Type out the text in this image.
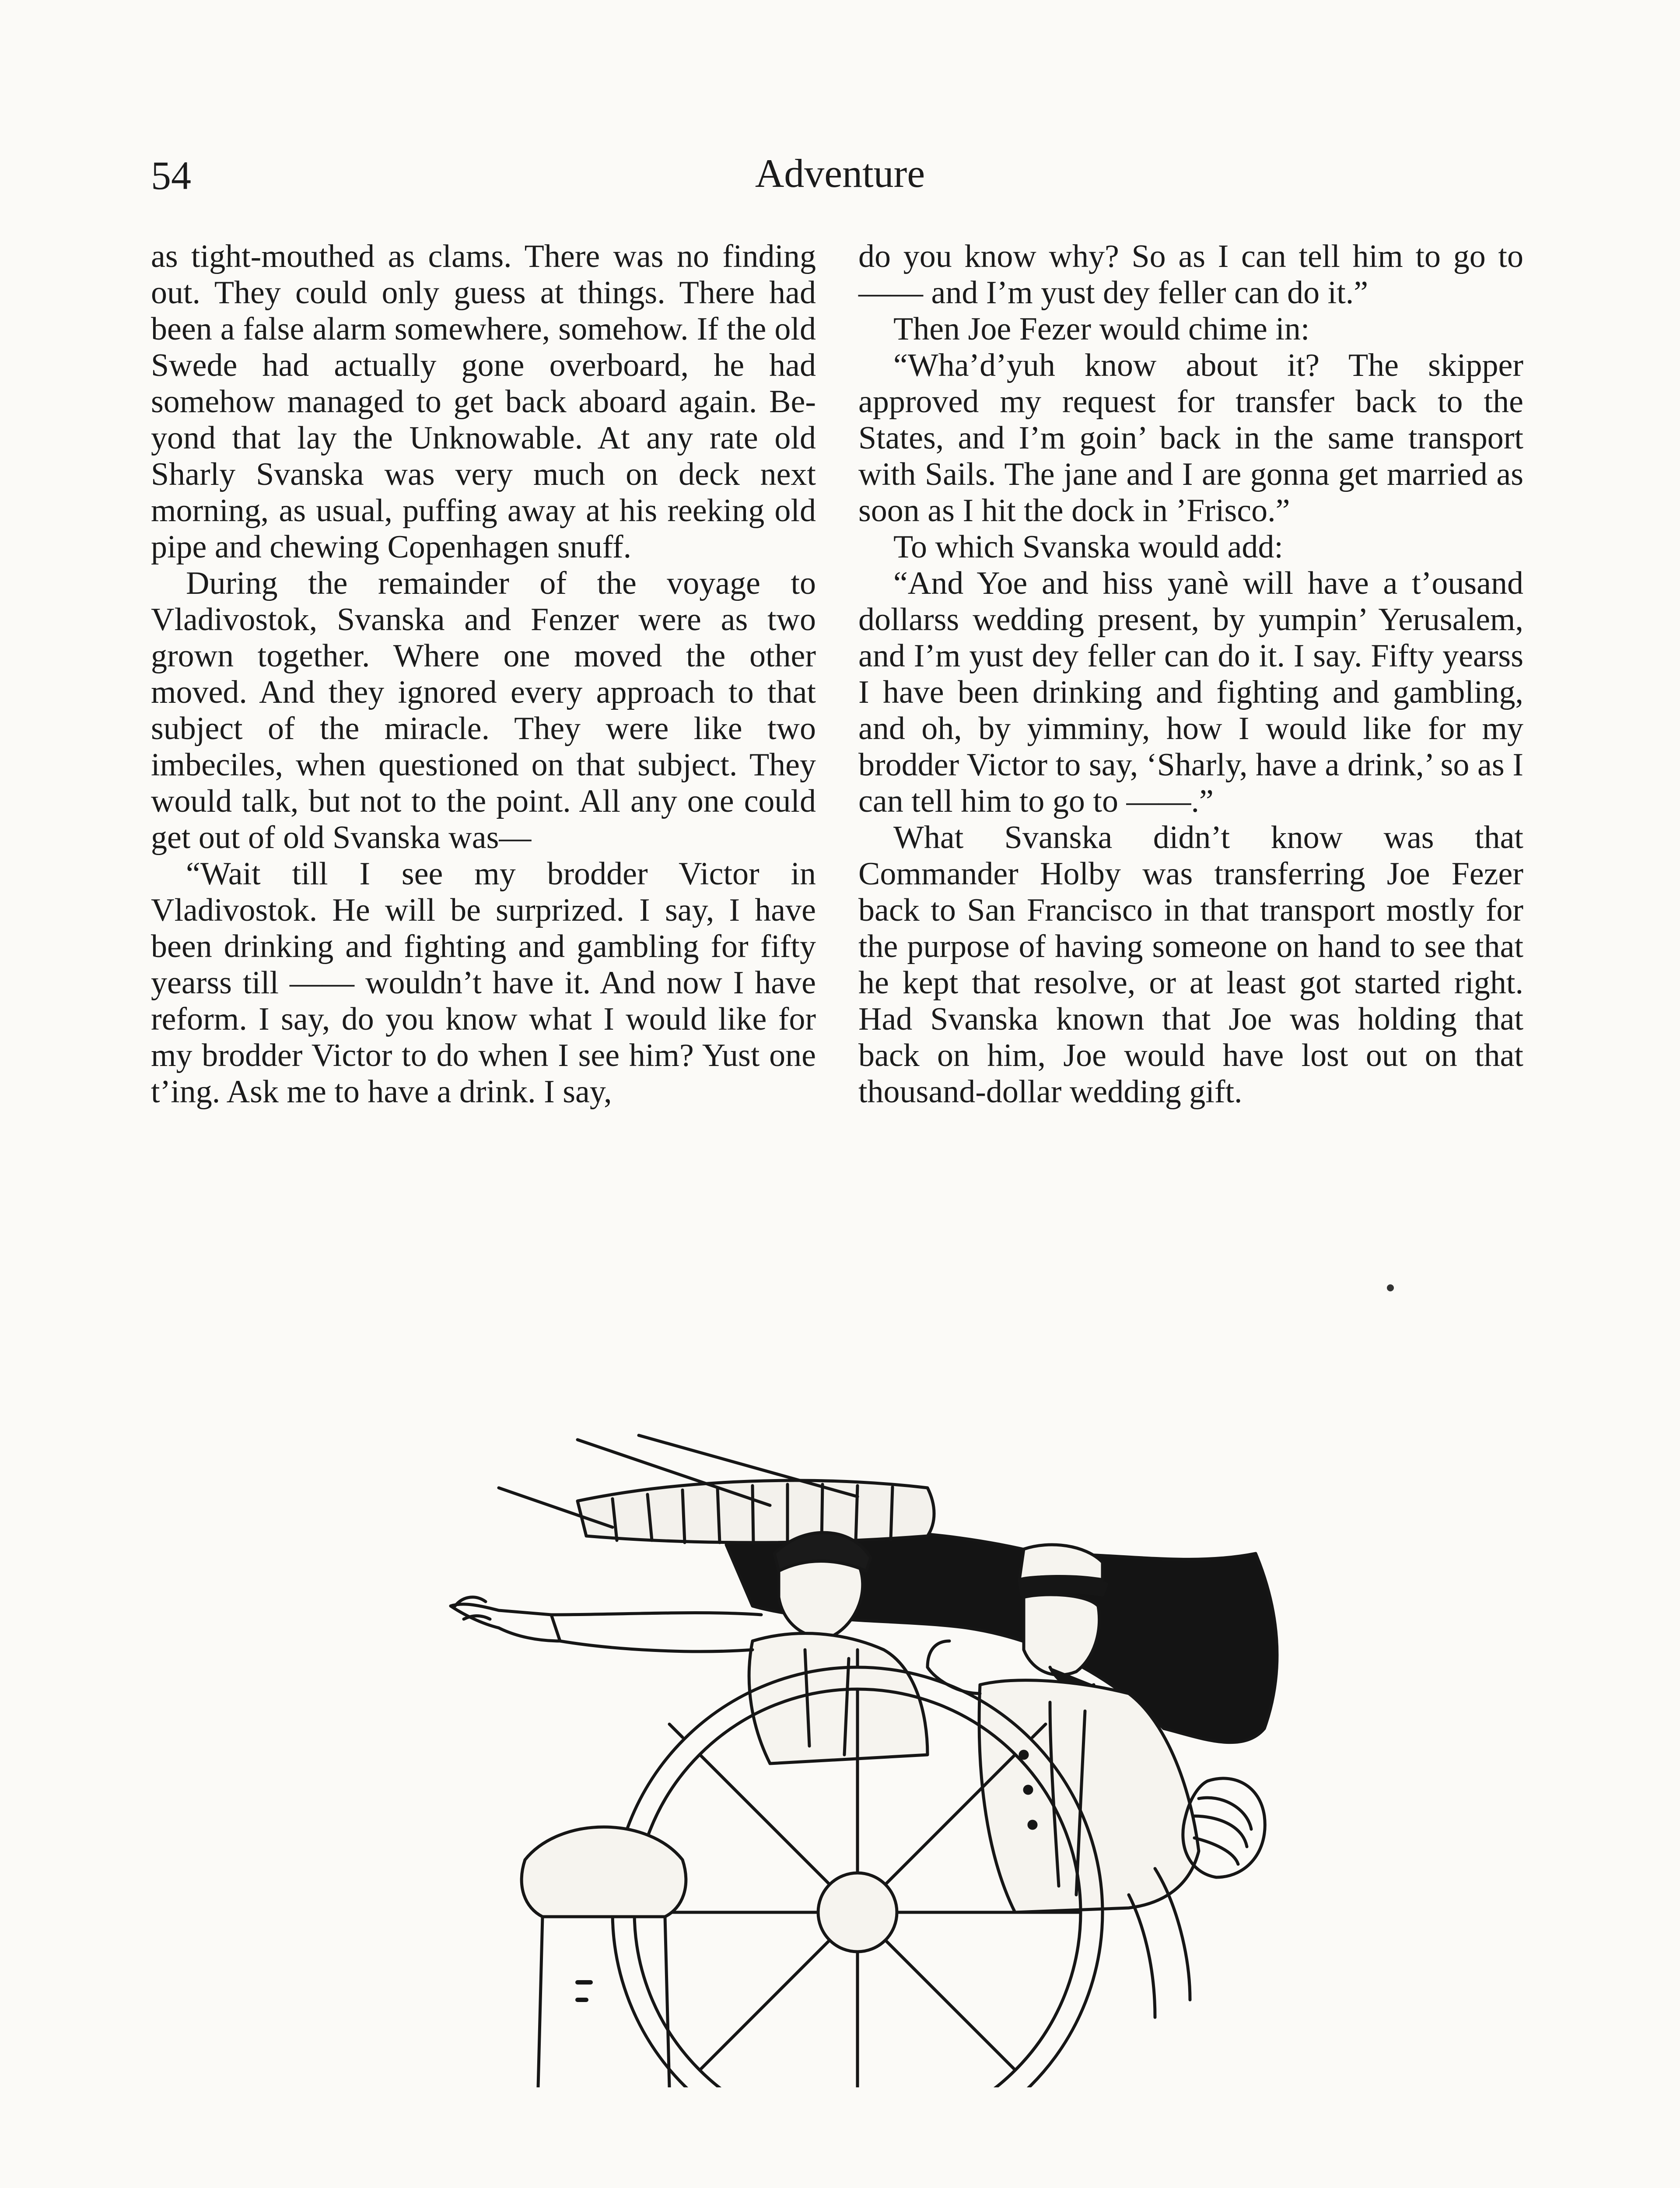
54	Adventure

as tight-mouthed as clams. There was no finding out. They could only guess at things. There had been a false alarm somewhere, somehow. If the old Swede had actually gone overboard, he had somehow managed to get back aboard again. Beyond that lay the Unknowable. At any rate old Sharly Svanska was very much on deck next morning, as usual, puffing away at his reeking old pipe and chewing Copenhagen snuff.

During the remainder of the voyage to Vladivostok, Svanska and Fenzer were as two grown together. Where one moved the other moved. And they ignored every approach to that subject of the miracle. They were like two imbeciles, when questioned on that subject. They would talk, but not to the point. All any one could get out of old Svanska was—

“Wait till I see my brodder Victor in Vladivostok. He will be surprized. I say, I have been drinking and fighting and gambling for fifty yearss till —— wouldn’t have it. And now I have reform. I say, do you know what I would like for my brodder Victor to do when I see him? Yust one t’ing. Ask me to have a drink. I say,

do you know why? So as I can tell him to go to —— and I’m yust dey feller can do it.”

Then Joe Fezer would chime in:

“Wha’d’yuh know about it? The skipper approved my request for transfer back to the States, and I’m goin’ back in the same transport with Sails. The jane and I are gonna get married as soon as I hit the dock in ’Frisco.”

To which Svanska would add:

“And Yoe and hiss yanè will have a t’ousand dollarss wedding present, by yumpin’ Yerusalem, and I’m yust dey feller can do it. I say. Fifty yearss I have been drinking and fighting and gambling, and oh, by yimminy, how I would like for my brodder Victor to say, ‘Sharly, have a drink,’ so as I can tell him to go to ——.”

What Svanska didn’t know was that Commander Holby was transferring Joe Fezer back to San Francisco in that transport mostly for the purpose of having someone on hand to see that he kept that resolve, or at least got started right. Had Svanska known that Joe was holding that back on him, Joe would have lost out on that thousand-dollar wedding gift.
